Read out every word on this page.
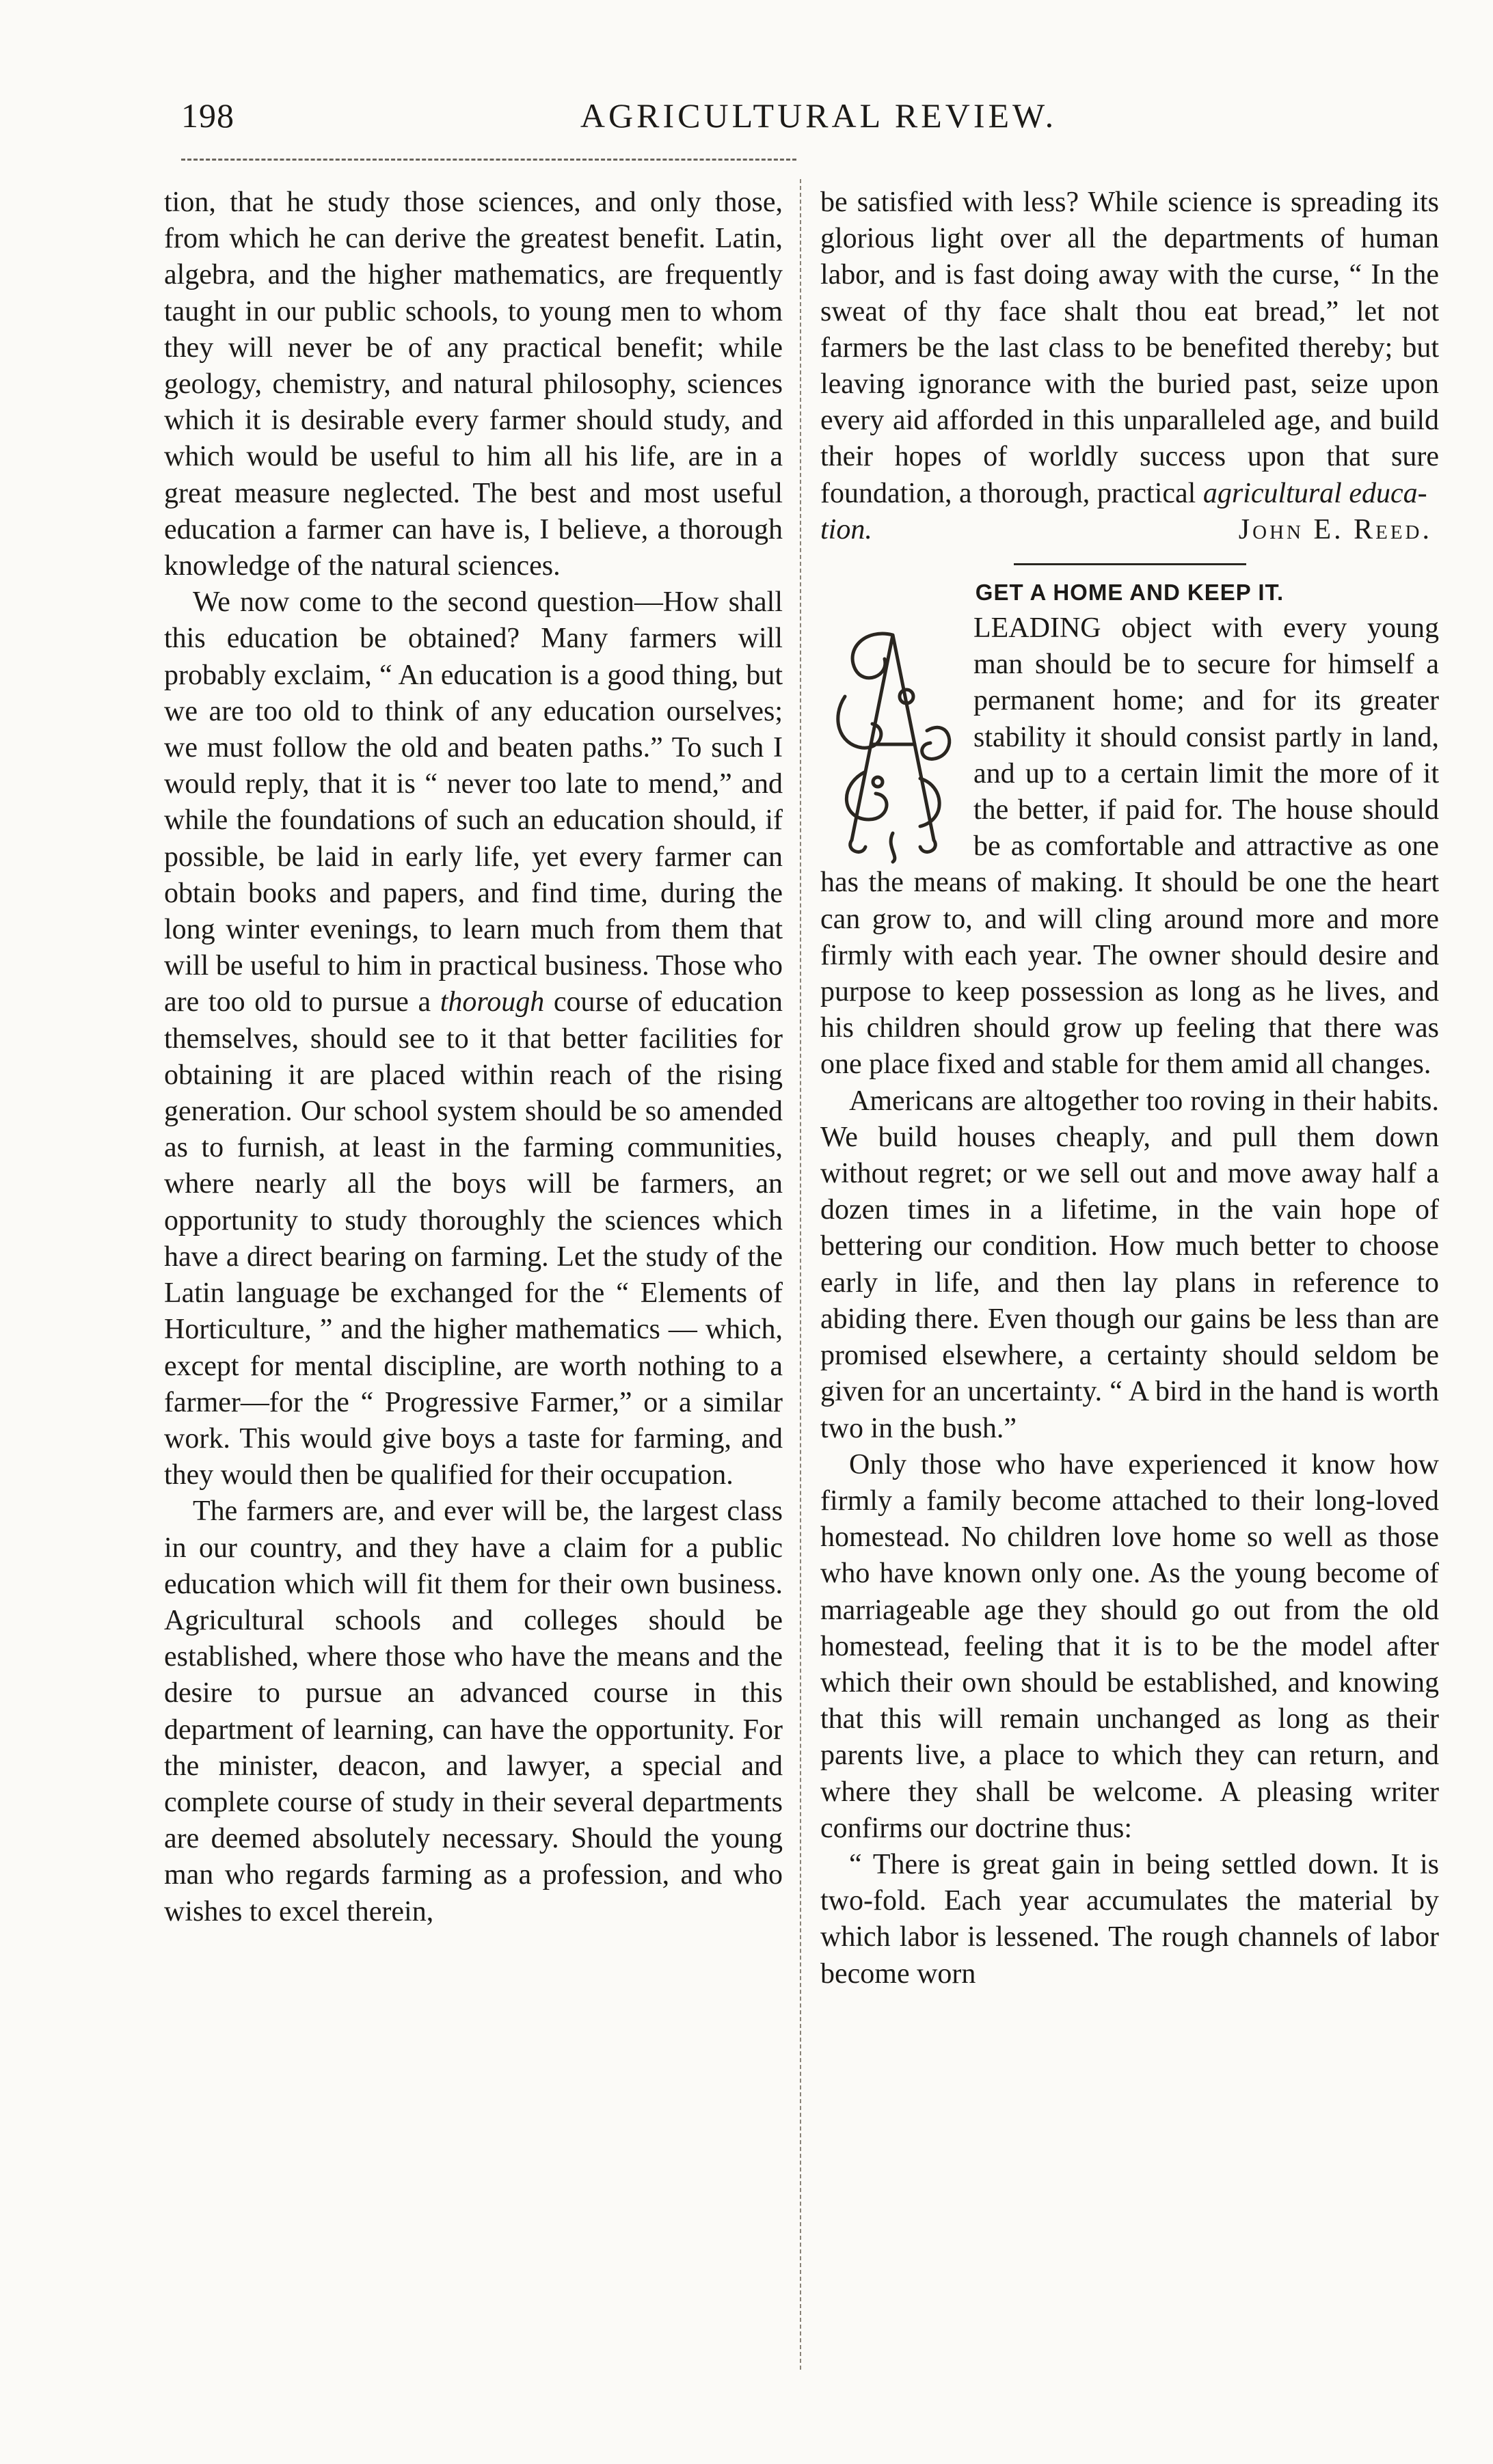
198	AGRICULTURAL REVIEW.

tion, that he study those sciences, and only those, from which he can derive the greatest benefit. Latin, algebra, and the higher mathematics, are frequently taught in our public schools, to young men to whom they will never be of any practical benefit; while geology, chemistry, and natural philosophy, sciences which it is desirable every farmer should study, and which would be useful to him all his life, are in a great measure neglected. The best and most useful education a farmer can have is, I believe, a thorough knowledge of the natural sciences.

We now come to the second question—How shall this education be obtained? Many farmers will probably exclaim, “ An education is a good thing, but we are too old to think of any education ourselves; we must follow the old and beaten paths.” To such I would reply, that it is “ never too late to mend,” and while the foundations of such an education should, if possible, be laid in early life, yet every farmer can obtain books and papers, and find time, during the long winter evenings, to learn much from them that will be useful to him in practical business. Those who are too old to pursue a thorough course of education themselves, should see to it that better facilities for obtaining it are placed within reach of the rising generation. Our school system should be so amended as to furnish, at least in the farming communities, where nearly all the boys will be farmers, an opportunity to study thoroughly the sciences which have a direct bearing on farming. Let the study of the Latin language be exchanged for the “ Elements of Horticulture, ” and the higher mathematics — which, except for mental discipline, are worth nothing to a farmer—for the “ Progressive Farmer,” or a similar work. This would give boys a taste for farming, and they would then be qualified for their occupation.

The farmers are, and ever will be, the largest class in our country, and they have a claim for a public education which will fit them for their own business. Agricultural schools and colleges should be established, where those who have the means and the desire to pursue an advanced course in this department of learning, can have the opportunity. For the minister, deacon, and lawyer, a special and complete course of study in their several departments are deemed absolutely necessary. Should the young man who regards farming as a profession, and who wishes to excel therein,

be satisfied with less? While science is spreading its glorious light over all the departments of human labor, and is fast doing away with the curse, “ In the sweat of thy face shalt thou eat bread,” let not farmers be the last class to be benefited thereby; but leaving ignorance with the buried past, seize upon every aid afforded in this unparalleled age, and build their hopes of worldly success upon that sure foundation, a thorough, practical agricultural educa-

tion.	John E. Reed.

GET A HOME AND KEEP IT.

LEADING object with every young man should be to secure for himself a permanent home; and for its greater stability it should consist partly in land, and up to a certain limit the more of it the better, if paid for. The house should be as comfortable and attractive as one has the means of making. It should be one the heart can grow to, and will cling around more and more firmly with each year. The owner should desire and purpose to keep possession as long as he lives, and his children should grow up feeling that there was one place fixed and stable for them amid all changes.

Americans are altogether too roving in their habits. We build houses cheaply, and pull them down without regret; or we sell out and move away half a dozen times in a lifetime, in the vain hope of bettering our condition. How much better to choose early in life, and then lay plans in reference to abiding there. Even though our gains be less than are promised elsewhere, a certainty should seldom be given for an uncertainty. “ A bird in the hand is worth two in the bush.”

Only those who have experienced it know how firmly a family become attached to their long-loved homestead. No children love home so well as those who have known only one. As the young become of marriageable age they should go out from the old homestead, feeling that it is to be the model after which their own should be established, and knowing that this will remain unchanged as long as their parents live, a place to which they can return, and where they shall be welcome. A pleasing writer confirms our doctrine thus:

“ There is great gain in being settled down. It is two-fold. Each year accumulates the material by which labor is lessened. The rough channels of labor become worn
